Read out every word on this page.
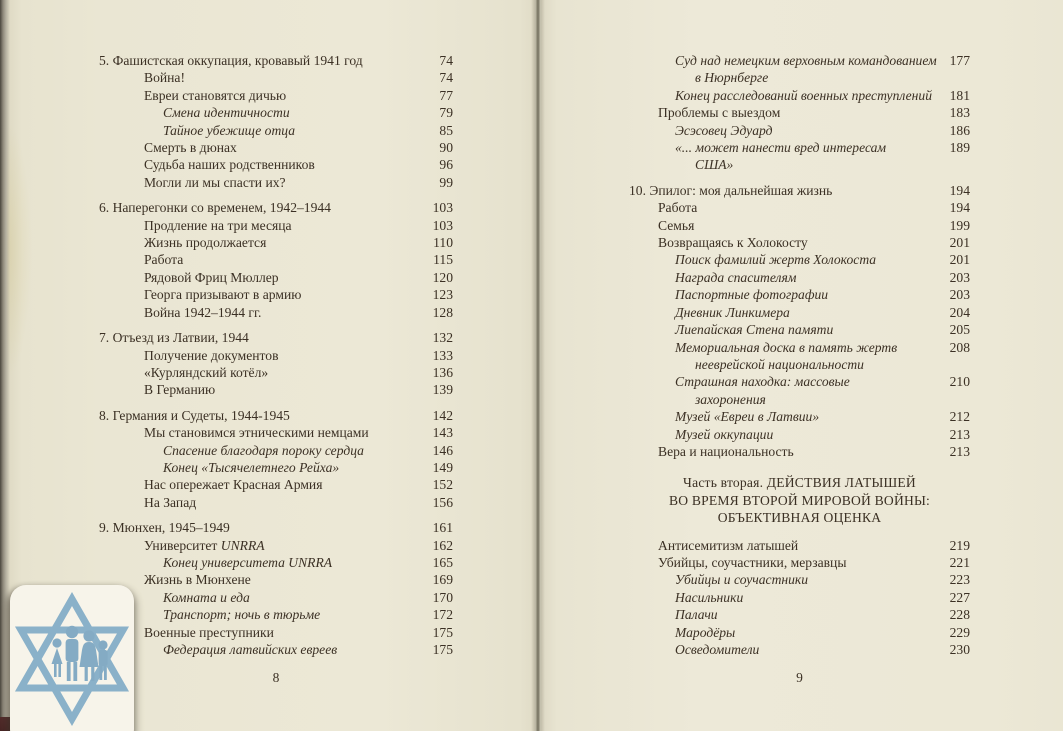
5. Фашистская оккупация, кровавый 1941 год	74
Война!	74
Евреи становятся дичью	77
Смена идентичности	79
Тайное убежище отца	85
Смерть в дюнах	90
Судьба наших родственников	96
Могли ли мы спасти их?	99
6. Наперегонки со временем, 1942–1944	103
Продление на три месяца	103
Жизнь продолжается	110
Работа	115
Рядовой Фриц Мюллер	120
Георга призывают в армию	123
Война 1942–1944 гг.	128
7. Отъезд из Латвии, 1944	132
Получение документов	133
«Курляндский котёл»	136
В Германию	139
8. Германия и Судеты, 1944-1945	142
Мы становимся этническими немцами	143
Спасение благодаря пороку сердца	146
Конец «Тысячелетнего Рейха»	149
Нас опережает Красная Армия	152
На Запад	156
9. Мюнхен, 1945–1949	161
Университет UNRRA	162
Конец университета UNRRA	165
Жизнь в Мюнхене	169
Комната и еда	170
Транспорт; ночь в тюрьме	172
Военные преступники	175
Федерация латвийских евреев	175
8
Суд над немецким верховным командованием 177
в Нюрнберге
Конец расследований военных преступлений	181
Проблемы с выездом	183
Эсэсовец Эдуард	186
«... может нанести вред интересам	189
США»
10. Эпилог: моя дальнейшая жизнь	194
Работа	194
Семья	199
Возвращаясь к Холокосту	201
Поиск фамилий жертв Холокоста	201
Награда спасителям	203
Паспортные фотографии	203
Дневник Линкимера	204
Лиепайская Стена памяти	205
Мемориальная доска в память жертв	208
нееврейской национальности
Страшная находка: массовые	210
захоронения
Музей «Евреи в Латвии»	212
Музей оккупации	213
Вера и национальность	213
Часть вторая. ДЕЙСТВИЯ ЛАТЫШЕЙ
ВО ВРЕМЯ ВТОРОЙ МИРОВОЙ ВОЙНЫ:
ОБЪЕКТИВНАЯ ОЦЕНКА
Антисемитизм латышей	219
Убийцы, соучастники, мерзавцы	221
Убийцы и соучастники	223
Насильники	227
Палачи	228
Мародёры	229
Осведомители	230
9
